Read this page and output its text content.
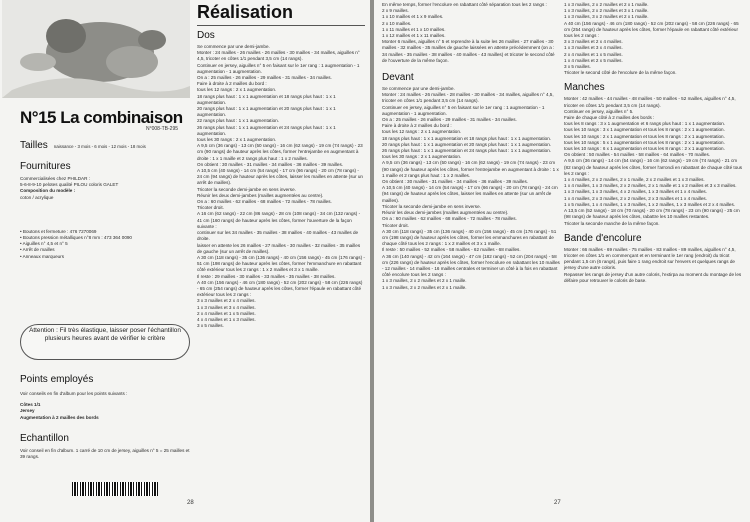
N°15 La combinaison
N°008-TB-295
Tailles naissance - 3 mois - 6 mois - 12 mois - 18 mois
Fournitures
Commercialisées chez PHILDAR :
5-6-8-9-10 pelotes qualité PILOU coloris GALET
Composition du modèle :
coton / acrylique
• Boutons et fermeture : 476 7270069
• Boutons pression métalliques n°8 mm : 473 364 0090
• Aiguilles n° 4,5 et n° 5
• Arrêt de mailles
• Anneaux marqueurs
Attention : Fil très élastique, laisser poser l'échantillon plusieurs heures avant de vérifier le critère
Points employés
Voir conseils en fin d'album pour les points suivants :
Côtes 1/1
Jersey
Augmentation à 2 mailles des bords
Echantillon
Voir conseil en fin d'album. 1 carré de 10 cm de jersey, aiguilles n° 5 = 25 mailles et 39 rangs.
Réalisation
Dos
Se commence par une demi-jambe.
Monter : 24 mailles - 26 mailles - 26 mailles - 30 mailles - 34 mailles, aiguilles n° 4,5, tricoter en côtes 1/1 pendant 3,5 cm (14 rangs).
Continuer en jersey, aiguilles n° 5 en faisant sur le 1er rang : 1 augmentation - 1 augmentation - 1 augmentation.
On a : 25 mailles - 26 mailles - 29 mailles - 31 mailles - 34 mailles.
Faire à droite à 2 mailles du bord :
tous les 12 rangs : 2 x 1 augmentation.
18 rangs plus haut : 1 x 1 augmentation et 18 rangs plus haut : 1 x 1 augmentation.
20 rangs plus haut : 1 x 1 augmentation et 20 rangs plus haut : 1 x 1 augmentation.
22 rangs plus haut : 1 x 1 augmentation.
26 rangs plus haut : 1 x 1 augmentation et 24 rangs plus haut : 1 x 1 augmentation.
tous les 30 rangs : 2 x 1 augmentation.
A 9,5 cm (36 rangs) - 13 cm (50 rangs) - 16 cm (62 rangs) - 19 cm (74 rangs) - 23 cm (90 rangs) de hauteur après les côtes, former l'entrejambe en augmentant à droite : 1 x 1 maille et 2 rangs plus haut : 1 x 2 mailles.
On obtient : 30 mailles - 31 mailles - 34 mailles - 36 mailles - 39 mailles.
A 10,5 cm (40 rangs) - 14 cm (54 rangs) - 17 cm (66 rangs) - 20 cm (78 rangs) - 24 cm (94 rangs) de hauteur après les côtes, laisser les mailles en attente (sur un arrêt de mailles).
Tricoter la seconde demi-jambe en sens inverse.
Réunir les deux demi-jambes (mailles augmentées au centre).
On a : 60 mailles - 62 mailles - 68 mailles - 72 mailles - 78 mailles.
Tricoter droit.
A 16 cm (62 rangs) - 22 cm (86 rangs) - 28 cm (108 rangs) - 34 cm (132 rangs) - 41 cm (160 rangs) de hauteur après les côtes, former l'ouverture de la façon suivante :
continuer sur les 34 mailles - 35 mailles - 38 mailles - 40 mailles - 43 mailles de droite.
laisser en attente les 26 mailles - 27 mailles - 30 mailles - 32 mailles - 35 mailles de gauche (sur un arrêt de mailles).
A 30 cm (118 rangs) - 35 cm (136 rangs) - 40 cm (156 rangs) - 45 cm (176 rangs) - 51 cm (198 rangs) de hauteur après les côtes, former l'emmanchure en rabattant côté extérieur tous les 2 rangs : 1 x 2 mailles et 3 x 1 maille.
Il reste : 29 mailles - 30 mailles - 33 mailles - 35 mailles - 38 mailles.
A 40 cm (156 rangs) - 46 cm (180 rangs) - 52 cm (202 rangs) - 58 cm (226 rangs) - 65 cm (254 rangs) de hauteur après les côtes, former l'épaule en rabattant côté extérieur tous les 2 rangs :
3 x 3 mailles et 2 x 4 mailles.
1 x 3 mailles et 3 x 4 mailles.
2 x 4 mailles et 1 x 5 mailles.
4 x 4 mailles et 1 x 3 mailles.
3 x 5 mailles.
28
En même temps, former l'encolure en rabattant côté séparation tous les 2 rangs :
2 x 9 mailles.
1 x 10 mailles et 1 x 9 mailles.
2 x 10 mailles.
1 x 11 mailles et 1 x 10 mailles.
1 x 12 mailles et 1 x 11 mailles.
Monter 6 mailles, aiguilles n° 5 et reprendre à la suite les 26 mailles - 27 mailles - 30 mailles - 32 mailles - 35 mailles de gauche laissées en attente précédemment (on a : 34 mailles - 35 mailles - 38 mailles - 40 mailles - 43 mailles) et tricoter le second côté de l'ouverture de la même façon.
Devant
Se commence par une demi-jambe.
Monter : 24 mailles - 26 mailles - 28 mailles - 30 mailles - 34 mailles, aiguilles n° 4,5, tricoter en côtes 1/1 pendant 3,5 cm (14 rangs).
Continuer en jersey, aiguilles n° 5 en faisant sur le 1er rang : 1 augmentation - 1 augmentation - 1 augmentation.
On a : 25 mailles - 26 mailles - 29 mailles - 31 mailles - 34 mailles.
Faire à droite à 2 mailles du bord :
tous les 12 rangs : 2 x 1 augmentation.
18 rangs plus haut : 1 x 1 augmentation et 18 rangs plus haut : 1 x 1 augmentation.
20 rangs plus haut : 1 x 1 augmentation et 20 rangs plus haut : 1 x 1 augmentation.
26 rangs plus haut : 1 x 1 augmentation et 24 rangs plus haut : 1 x 1 augmentation.
tous les 30 rangs : 2 x 1 augmentation.
A 9,5 cm (36 rangs) - 13 cm (50 rangs) - 16 cm (62 rangs) - 19 cm (74 rangs) - 23 cm (90 rangs) de hauteur après les côtes, former l'entrejambe en augmentant à droite : 1 x 1 maille et 2 rangs plus haut : 1 x 2 mailles.
On obtient : 30 mailles - 31 mailles - 34 mailles - 36 mailles - 39 mailles.
A 10,5 cm (40 rangs) - 14 cm (54 rangs) - 17 cm (66 rangs) - 20 cm (78 rangs) - 24 cm (94 rangs) de hauteur après les côtes, laisser les mailles en attente (sur un arrêt de mailles).
Tricoter la seconde demi-jambe en sens inverse.
Réunir les deux demi-jambes (mailles augmentées au centre).
On a : 60 mailles - 62 mailles - 68 mailles - 72 mailles - 78 mailles.
Tricoter droit.
A 30 cm (118 rangs) - 35 cm (136 rangs) - 40 cm (156 rangs) - 45 cm (176 rangs) - 51 cm (198 rangs) de hauteur après les côtes, former les emmanchures en rabattant de chaque côté tous les 2 rangs : 1 x 2 mailles et 3 x 1 maille.
Il reste : 50 mailles - 52 mailles - 58 mailles - 62 mailles - 68 mailles.
A 36 cm (140 rangs) - 42 cm (164 rangs) - 47 cm (182 rangs) - 52 cm (204 rangs) - 58 cm (226 rangs) de hauteur après les côtes, former l'encolure en rabattant les 10 mailles - 12 mailles - 14 mailles - 16 mailles centrales et terminer un côté à la fois en rabattant côté encolure tous les 2 rangs :
1 x 3 mailles, 2 x 2 mailles et 2 x 1 maille.
1 x 3 mailles, 2 x 2 mailles et 2 x 1 maille.
1 x 3 mailles, 2 x 2 mailles et 2 x 1 maille.
1 x 3 mailles, 2 x 2 mailles et 3 x 1 maille.
1 x 3 mailles, 3 x 2 mailles et 2 x 1 maille.
A 40 cm (156 rangs) - 46 cm (180 rangs) - 52 cm (202 rangs) - 58 cm (226 rangs) - 65 cm (254 rangs) de hauteur après les côtes, former l'épaule en rabattant côté extérieur tous les 2 rangs :
3 x 3 mailles et 2 x 4 mailles.
1 x 3 mailles et 3 x 4 mailles.
2 x 4 mailles et 1 x 5 mailles.
1 x 4 mailles et 2 x 5 mailles.
3 x 5 mailles.
Tricoter le second côté de l'encolure de la même façon.
Manches
Monter : 42 mailles - 44 mailles - 48 mailles - 50 mailles - 52 mailles, aiguilles n° 4,5, tricoter en côtes 1/1 pendant 3,5 cm (14 rangs).
Continuer en jersey, aiguilles n° 5.
Faire de chaque côté à 2 mailles des bords :
tous les 8 rangs : 3 x 1 augmentation et 6 rangs plus haut : 1 x 1 augmentation.
tous les 10 rangs : 3 x 1 augmentation et tous les 8 rangs : 2 x 1 augmentation.
tous les 10 rangs : 2 x 1 augmentation et tous les 8 rangs : 2 x 1 augmentation.
tous les 10 rangs : 5 x 1 augmentation et tous les 8 rangs : 2 x 1 augmentation.
tous les 10 rangs : 6 x 1 augmentation et tous les 8 rangs : 2 x 1 augmentation.
On obtient : 50 mailles - 54 mailles - 58 mailles - 64 mailles - 70 mailles.
A 9,5 cm (36 rangs) - 14 cm (54 rangs) - 16 cm (62 rangs) - 19 cm (74 rangs) - 21 cm (82 rangs) de hauteur après les côtes, former l'arrondi en rabattant de chaque côté tous les 2 rangs :
1 x 4 mailles, 2 x 2 mailles, 2 x 1 maille, 2 x 2 mailles et 1 x 3 mailles.
1 x 4 mailles, 1 x 3 mailles, 2 x 2 mailles, 2 x 1 maille et 1 x 2 mailles et 3 x 3 mailles.
1 x 3 mailles, 1 x 3 mailles, 4 x 2 mailles, 1 x 3 mailles et 1 x 4 mailles.
1 x 4 mailles, 2 x 3 mailles, 2 x 2 mailles, 2 x 3 mailles et 1 x 4 mailles.
1 x 5 mailles, 1 x 4 mailles, 1 x 3 mailles, 1 x 2 mailles, 1 x 3 mailles et 2 x 4 mailles.
A 13,5 cm (52 rangs) - 18 cm (70 rangs) - 20 cm (78 rangs) - 23 cm (90 rangs) - 25 cm (98 rangs) de hauteur après les côtes, rabattre les 10 mailles restantes.
Tricoter la seconde manche de la même façon.
Bande d'encolure
Monter : 66 mailles - 69 mailles - 75 mailles - 83 mailles - 89 mailles, aiguilles n° 4,5, tricoter en côtes 1/1 en commençant et en terminant le 1er rang (endroit) du tricot pendant 1,5 cm (6 rangs), puis faire 1 rang endroit sur l'envers et quelques rangs de jersey d'une autre coloris.
Repasser les rangs de jersey d'un autre coloris, l'extirpa au moment du montage de les défaire pour retrouver le coloris de base.
27
